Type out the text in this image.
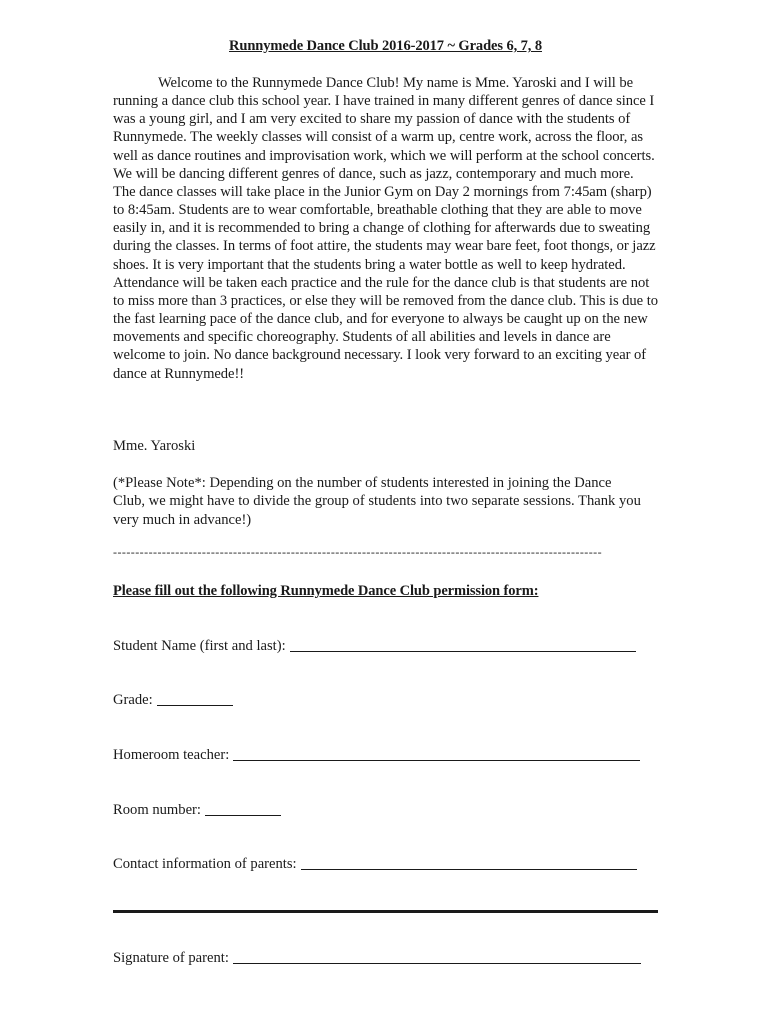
Runnymede Dance Club 2016-2017 ~ Grades 6, 7, 8
Welcome to the Runnymede Dance Club! My name is Mme. Yaroski and I will be running a dance club this school year. I have trained in many different genres of dance since I was a young girl, and I am very excited to share my passion of dance with the students of Runnymede. The weekly classes will consist of a warm up, centre work, across the floor, as well as dance routines and improvisation work, which we will perform at the school concerts. We will be dancing different genres of dance, such as jazz, contemporary and much more. The dance classes will take place in the Junior Gym on Day 2 mornings from 7:45am (sharp) to 8:45am. Students are to wear comfortable, breathable clothing that they are able to move easily in, and it is recommended to bring a change of clothing for afterwards due to sweating during the classes. In terms of foot attire, the students may wear bare feet, foot thongs, or jazz shoes. It is very important that the students bring a water bottle as well to keep hydrated. Attendance will be taken each practice and the rule for the dance club is that students are not to miss more than 3 practices, or else they will be removed from the dance club. This is due to the fast learning pace of the dance club, and for everyone to always be caught up on the new movements and specific choreography. Students of all abilities and levels in dance are welcome to join. No dance background necessary. I look very forward to an exciting year of dance at Runnymede!!
Mme. Yaroski
(*Please Note*: Depending on the number of students interested in joining the Dance Club, we might have to divide the group of students into two separate sessions. Thank you very much in advance!)
--------------------------------------------------------------------------------------------------------------
Please fill out the following Runnymede Dance Club permission form:
Student Name (first and last):
Grade:
Homeroom teacher:
Room number:
Contact information of parents:
Signature of parent:
